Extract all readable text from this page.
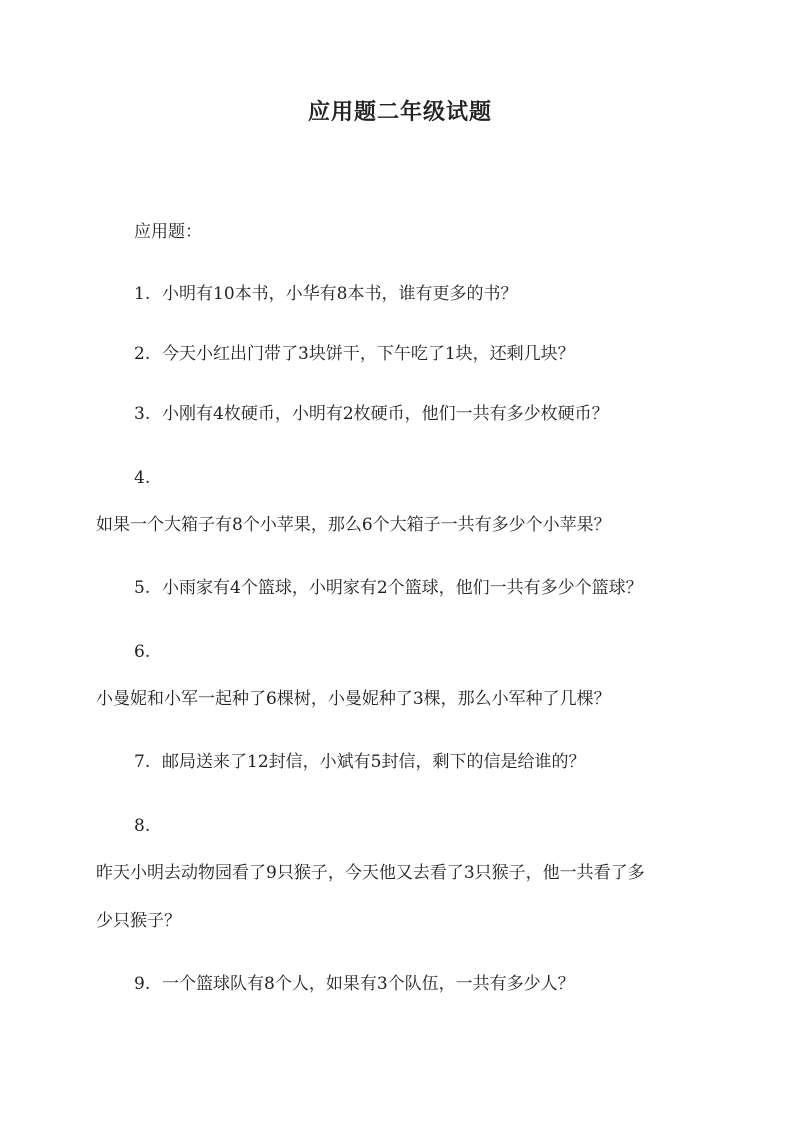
应用题二年级试题
应用题：
1. 小明有10本书，小华有8本书，谁有更多的书？
2. 今天小红出门带了3块饼干，下午吃了1块，还剩几块？
3. 小刚有4枚硬币，小明有2枚硬币，他们一共有多少枚硬币？
4.
如果一个大箱子有8个小苹果，那么6个大箱子一共有多少个小苹果？
5. 小雨家有4个篮球，小明家有2个篮球，他们一共有多少个篮球？
6.
小曼妮和小军一起种了6棵树，小曼妮种了3棵，那么小军种了几棵？
7. 邮局送来了12封信，小斌有5封信，剩下的信是给谁的？
8.
昨天小明去动物园看了9只猴子，今天他又去看了3只猴子，他一共看了多
少只猴子？
9. 一个篮球队有8个人，如果有3个队伍，一共有多少人？
